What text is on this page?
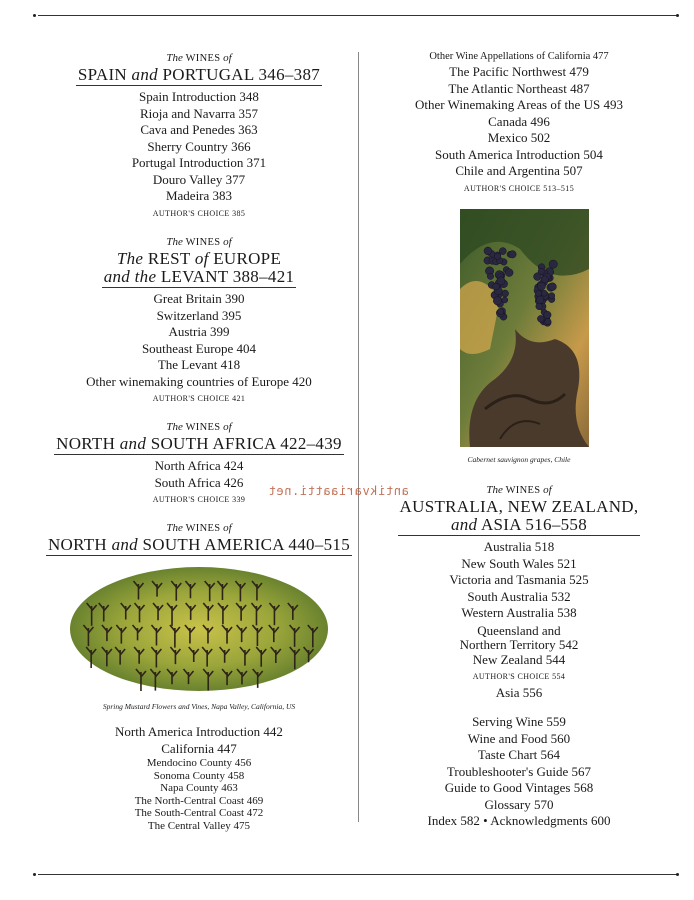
The WINES of
SPAIN and PORTUGAL 346–387
Spain Introduction 348
Rioja and Navarra 357
Cava and Penedes 363
Sherry Country 366
Portugal Introduction 371
Douro Valley 377
Madeira 383
AUTHOR'S CHOICE 385
The WINES of
The REST of EUROPE
and the LEVANT 388–421
Great Britain 390
Switzerland 395
Austria 399
Southeast Europe 404
The Levant 418
Other winemaking countries of Europe 420
AUTHOR'S CHOICE 421
The WINES of
NORTH and SOUTH AFRICA 422–439
North Africa 424
South Africa 426
AUTHOR'S CHOICE 339
The WINES of
NORTH and SOUTH AMERICA 440–515
Spring Mustard Flowers and Vines, Napa Valley, California, US
North America Introduction 442
California 447
Mendocino County 456
Sonoma County 458
Napa County 463
The North-Central Coast 469
The South-Central Coast 472
The Central Valley 475
Other Wine Appellations of California 477
The Pacific Northwest 479
The Atlantic Northeast 487
Other Winemaking Areas of the US 493
Canada 496
Mexico 502
South America Introduction 504
Chile and Argentina 507
AUTHOR'S CHOICE 513–515
Cabernet sauvignon grapes, Chile
The WINES of
AUSTRALIA, NEW ZEALAND,
and ASIA 516–558
Australia 518
New South Wales 521
Victoria and Tasmania 525
South Australia 532
Western Australia 538
Queensland and
Northern Territory 542
New Zealand 544
AUTHOR'S CHOICE 554
Asia 556
Serving Wine 559
Wine and Food 560
Taste Chart 564
Troubleshooter's Guide 567
Guide to Good Vintages 568
Glossary 570
Index 582 • Acknowledgments 600
antikvariaatti.net
